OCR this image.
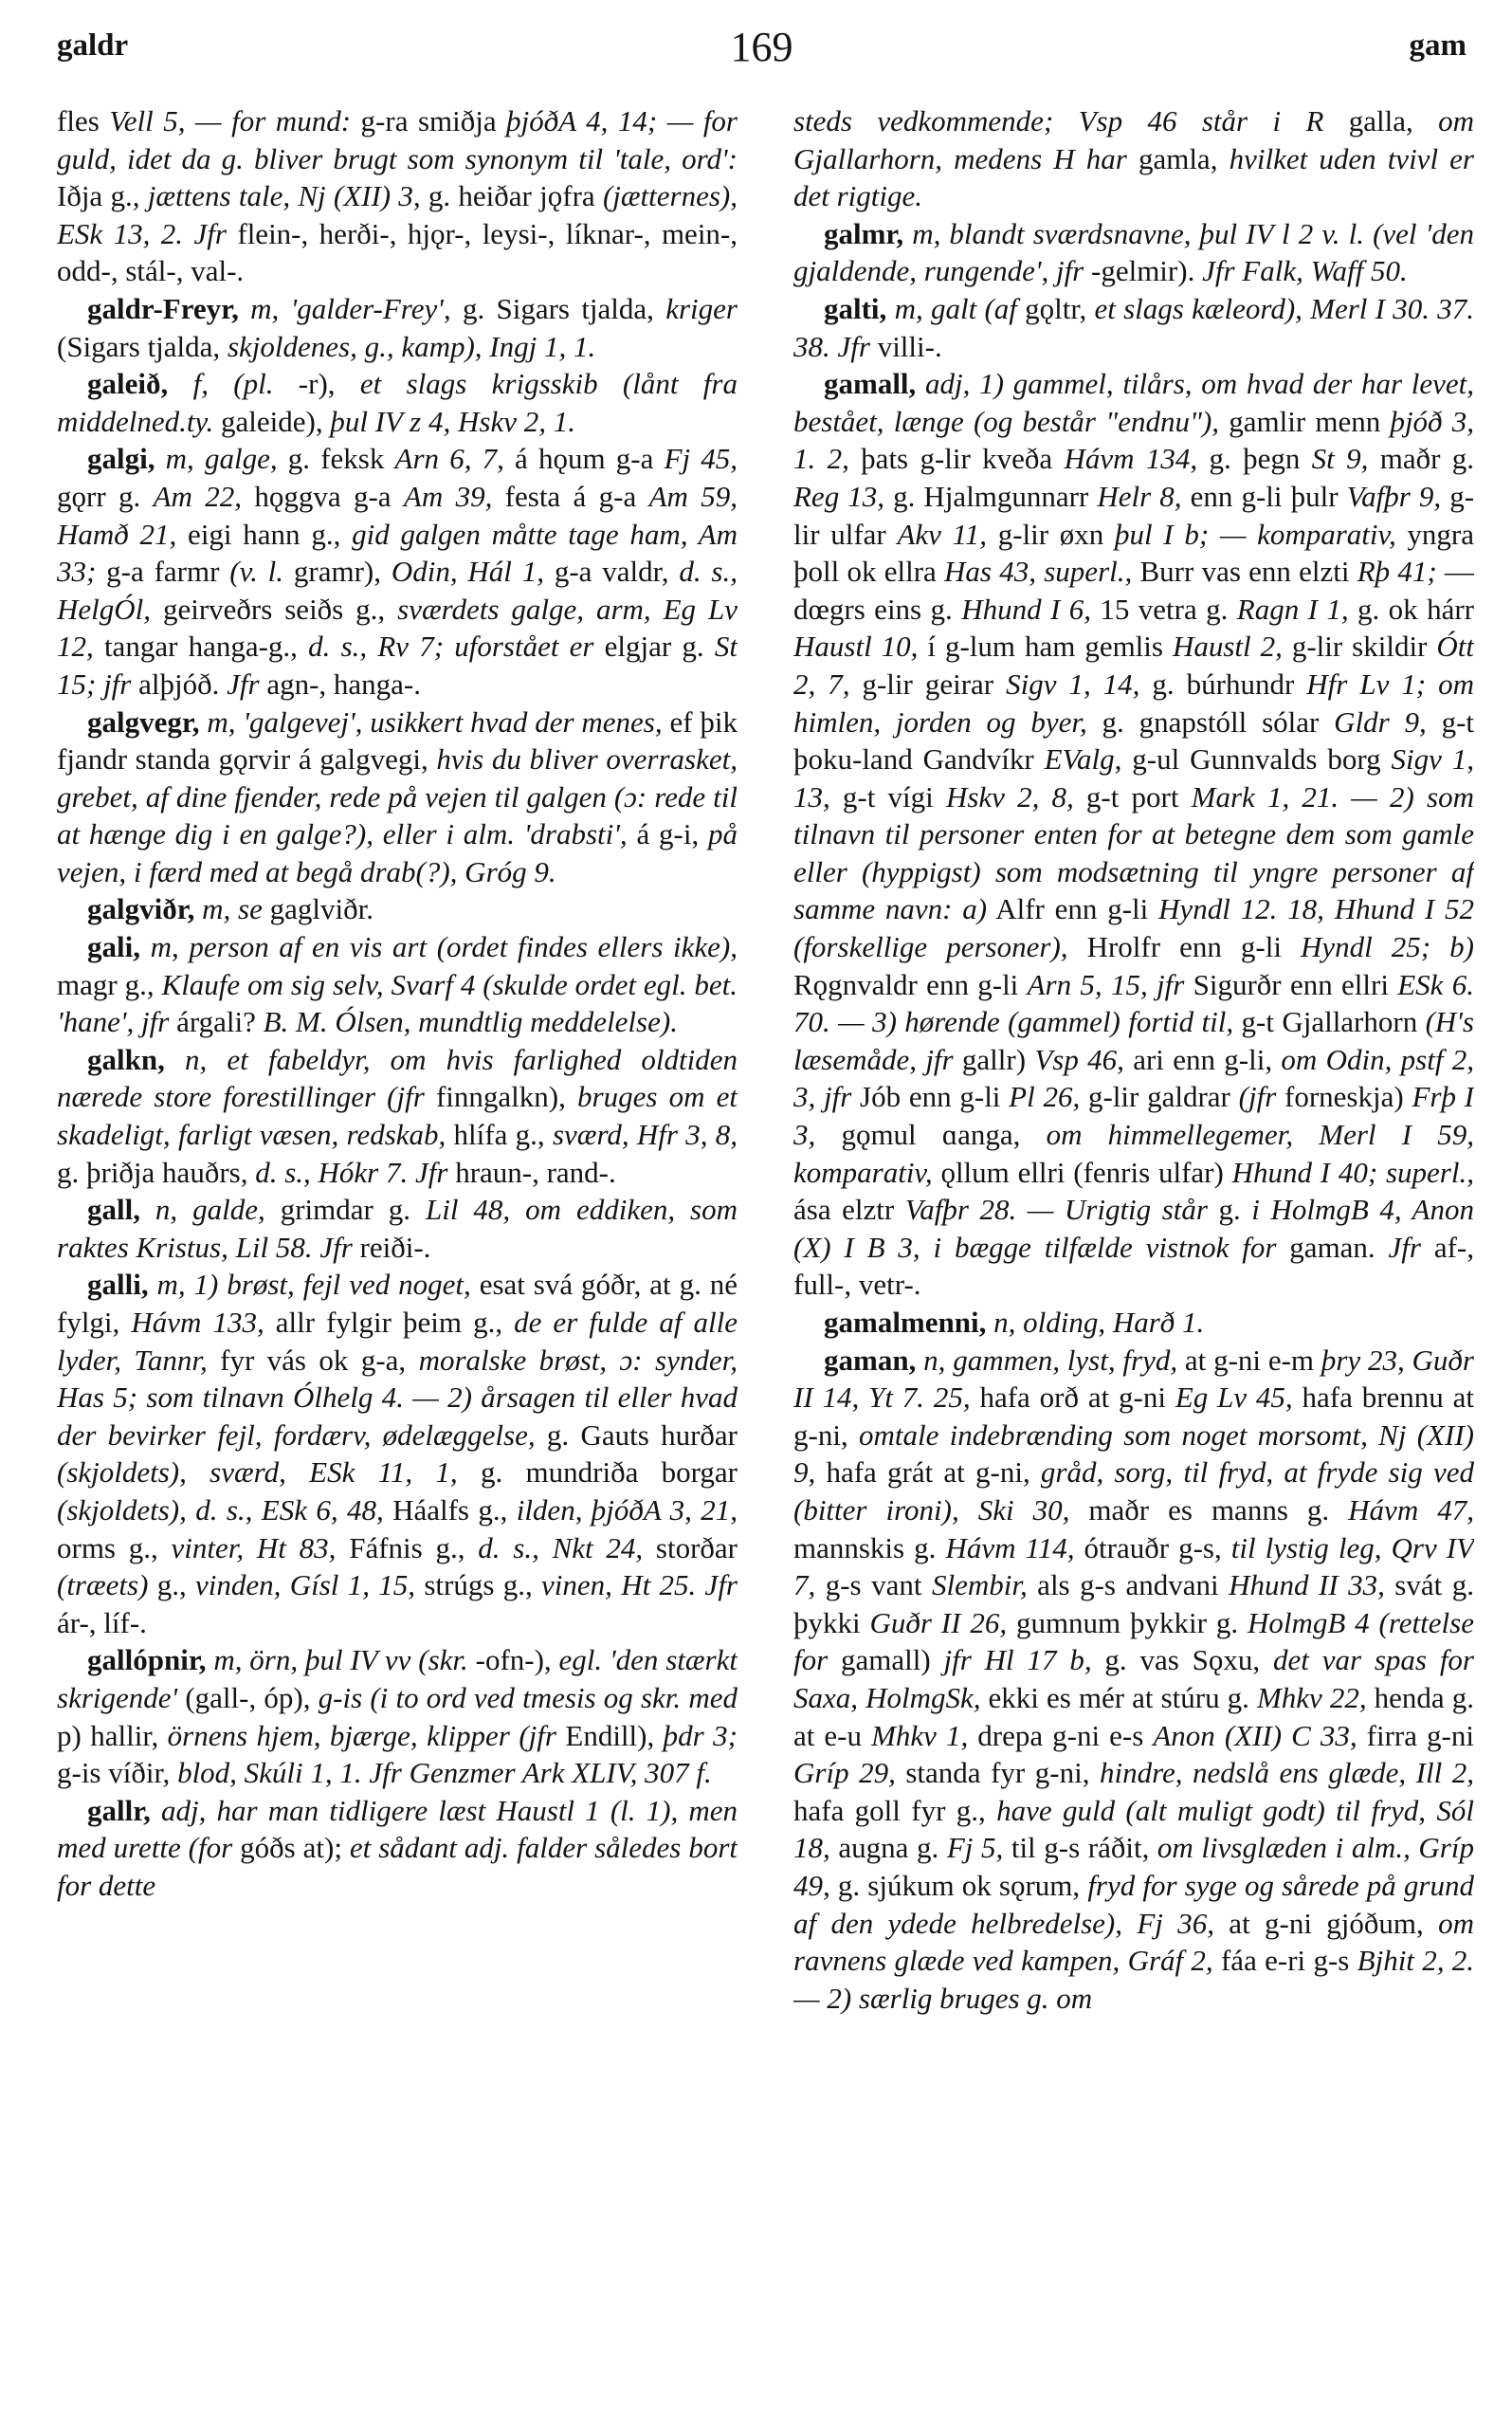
galdr	169	gam

fles Vell 5, — for mund: g-ra smiðja þjóðA 4, 14; — for guld, idet da g. bliver brugt som synonym til 'tale, ord': Iðja g., jættens tale, Nj (XII) 3, g. heiðar jǫfra (jætternes), ESk 13, 2. Jfr flein-, herði-, hjǫr-, leysi-, líknar-, mein-, odd-, stál-, val-.

galdr-Freyr, m, 'galder-Frey', g. Sigars tjalda, kriger (Sigars tjalda, skjoldenes, g., kamp), Ingj 1, 1.

galeið, f, (pl. -r), et slags krigsskib (lånt fra middelned.ty. galeide), þul IV z 4, Hskv 2, 1.

galgi, m, galge, g. feksk Arn 6, 7, á hǫum g-a Fj 45, gǫrr g. Am 22, hǫggva g-a Am 39, festa á g-a Am 59, Hamð 21, eigi hann g., gid galgen måtte tage ham, Am 33; g-a farmr (v. l. gramr), Odin, Hál 1, g-a valdr, d. s., HelgÓl, geirveðrs seiðs g., sværdets galge, arm, Eg Lv 12, tangar hanga-g., d. s., Rv 7; uforstået er elgjar g. St 15; jfr alþjóð. Jfr agn-, hanga-.

galgvegr, m, 'galgevej', usikkert hvad der menes, ef þik fjandr standa gǫrvir á galgvegi, hvis du bliver overrasket, grebet, af dine fjender, rede på vejen til galgen (ɔ: rede til at hænge dig i en galge?), eller i alm. 'drabsti', á g-i, på vejen, i færd med at begå drab(?), Gróg 9.

galgviðr, m, se gaglviðr.

gali, m, person af en vis art (ordet findes ellers ikke), magr g., Klaufe om sig selv, Svarf 4 (skulde ordet egl. bet. 'hane', jfr árgali? B. M. Ólsen, mundtlig meddelelse).

galkn, n, et fabeldyr, om hvis farlighed oldtiden nærede store forestillinger (jfr finngalkn), bruges om et skadeligt, farligt væsen, redskab, hlífa g., sværd, Hfr 3, 8, g. þriðja hauðrs, d. s., Hókr 7. Jfr hraun-, rand-.

gall, n, galde, grimdar g. Lil 48, om eddiken, som raktes Kristus, Lil 58. Jfr reiði-.

galli, m, 1) brøst, fejl ved noget, esat svá góðr, at g. né fylgi, Hávm 133, allr fylgir þeim g., de er fulde af alle lyder, Tannr, fyr vás ok g-a, moralske brøst, ɔ: synder, Has 5; som tilnavn Ólhelg 4. — 2) årsagen til eller hvad der bevirker fejl, fordærv, ødelæggelse, g. Gauts hurðar (skjoldets), sværd, ESk 11, 1, g. mundriða borgar (skjoldets), d. s., ESk 6, 48, Háalfs g., ilden, þjóðA 3, 21, orms g., vinter, Ht 83, Fáfnis g., d. s., Nkt 24, storðar (træets) g., vinden, Gísl 1, 15, strúgs g., vinen, Ht 25. Jfr ár-, líf-.

gallópnir, m, örn, þul IV vv (skr. -ofn-), egl. 'den stærkt skrigende' (gall-, óp), g-is (i to ord ved tmesis og skr. med p) hallir, örnens hjem, bjærge, klipper (jfr Endill), þdr 3; g-is víðir, blod, Skúli 1, 1. Jfr Genzmer Ark XLIV, 307 f.

gallr, adj, har man tidligere læst Haustl 1 (l. 1), men med urette (for góðs at); et sådant adj. falder således bort for dette

steds vedkommende; Vsp 46 står i R galla, om Gjallarhorn, medens H har gamla, hvilket uden tvivl er det rigtige.

galmr, m, blandt sværdsnavne, þul IV l 2 v. l. (vel 'den gjaldende, rungende', jfr -gelmir). Jfr Falk, Waff 50.

galti, m, galt (af gǫltr, et slags kæleord), Merl I 30. 37. 38. Jfr villi-.

gamall, adj, 1) gammel, tilårs, om hvad der har levet, bestået, længe (og består "endnu"), gamlir menn þjóð 3, 1. 2, þats g-lir kveða Hávm 134, g. þegn St 9, maðr g. Reg 13, g. Hjalmgunnarr Helr 8, enn g-li þulr Vafþr 9, g-lir ulfar Akv 11, g-lir øxn þul I b; — komparativ, yngra þoll ok ellra Has 43, superl., Burr vas enn elzti Rþ 41; — dœgrs eins g. Hhund I 6, 15 vetra g. Ragn I 1, g. ok hárr Haustl 10, í g-lum ham gemlis Haustl 2, g-lir skildir Ótt 2, 7, g-lir geirar Sigv 1, 14, g. búrhundr Hfr Lv 1; om himlen, jorden og byer, g. gnapstóll sólar Gldr 9, g-t þoku-land Gandvíkr EValg, g-ul Gunnvalds borg Sigv 1, 13, g-t vígi Hskv 2, 8, g-t port Mark 1, 21. — 2) som tilnavn til personer enten for at betegne dem som gamle eller (hyppigst) som modsætning til yngre personer af samme navn: a) Alfr enn g-li Hyndl 12. 18, Hhund I 52 (forskellige personer), Hrolfr enn g-li Hyndl 25; b) Rǫgnvaldr enn g-li Arn 5, 15, jfr Sigurðr enn ellri ESk 6. 70. — 3) hørende (gammel) fortid til, g-t Gjallarhorn (H's læsemåde, jfr gallr) Vsp 46, ari enn g-li, om Odin, pstf 2, 3, jfr Jób enn g-li Pl 26, g-lir galdrar (jfr forneskja) Frþ I 3, gǫmul ɑanga, om himmellegemer, Merl I 59, komparativ, ǫllum ellri (fenris ulfar) Hhund I 40; superl., ása elztr Vafþr 28. — Urigtig står g. i HolmgB 4, Anon (X) I B 3, i bægge tilfælde vistnok for gaman. Jfr af-, full-, vetr-.

gamalmenni, n, olding, Harð 1.

gaman, n, gammen, lyst, fryd, at g-ni e-m þry 23, Guðr II 14, Yt 7. 25, hafa orð at g-ni Eg Lv 45, hafa brennu at g-ni, omtale indebrænding som noget morsomt, Nj (XII) 9, hafa grát at g-ni, gråd, sorg, til fryd, at fryde sig ved (bitter ironi), Ski 30, maðr es manns g. Hávm 47, mannskis g. Hávm 114, ótrauðr g-s, til lystig leg, Qrv IV 7, g-s vant Slembir, als g-s andvani Hhund II 33, svát g. þykki Guðr II 26, gumnum þykkir g. HolmgB 4 (rettelse for gamall) jfr Hl 17 b, g. vas Sǫxu, det var spas for Saxa, HolmgSk, ekki es mér at stúru g. Mhkv 22, henda g. at e-u Mhkv 1, drepa g-ni e-s Anon (XII) C 33, firra g-ni Gríp 29, standa fyr g-ni, hindre, nedslå ens glæde, Ill 2, hafa goll fyr g., have guld (alt muligt godt) til fryd, Sól 18, augna g. Fj 5, til g-s ráðit, om livsglæden i alm., Gríp 49, g. sjúkum ok sǫrum, fryd for syge og sårede på grund af den ydede helbredelse), Fj 36, at g-ni gjóðum, om ravnens glæde ved kampen, Gráf 2, fáa e-ri g-s Bjhit 2, 2. — 2) særlig bruges g. om
